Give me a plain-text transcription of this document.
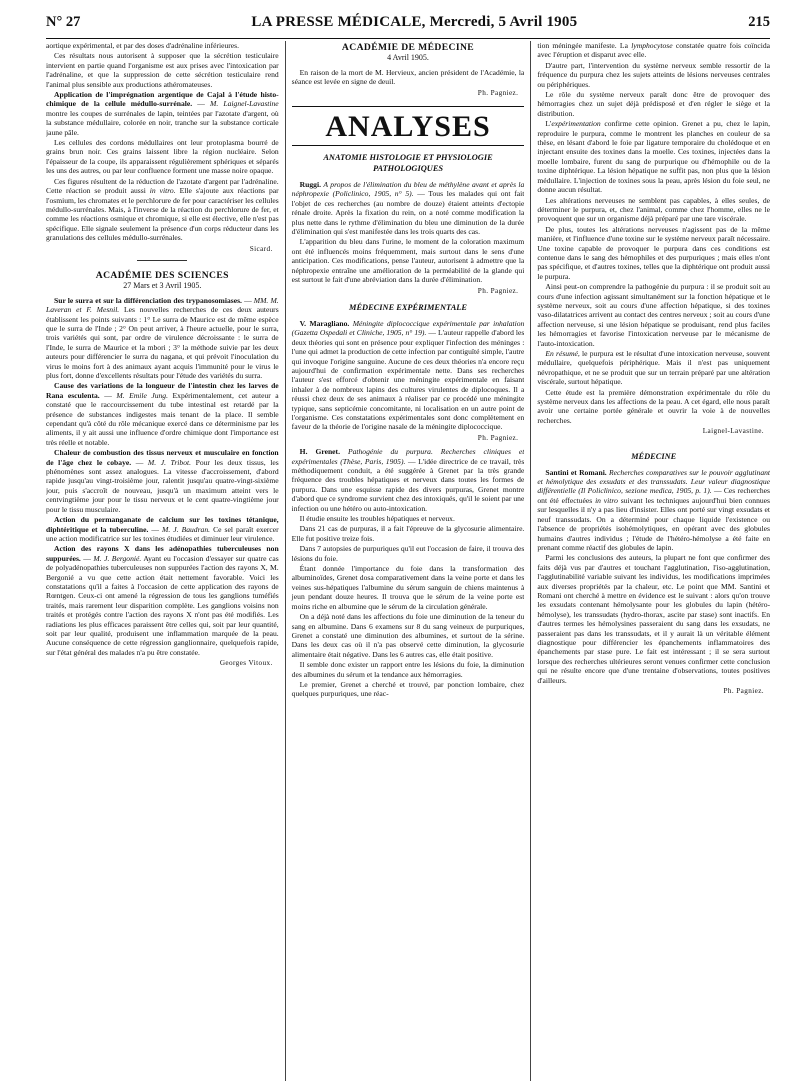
N° 27	LA PRESSE MÉDICALE, Mercredi, 5 Avril 1905	215

aortique expérimental, et par des doses d'adrénaline inférieures.

Ces résultats nous autorisent à supposer que la sécrétion testiculaire intervient en partie quand l'organisme est aux prises avec l'intoxication par l'adrénaline, et que la suppression de cette sécrétion testiculaire rend l'animal plus sensible aux productions athéromateuses.

Application de l'imprégnation argentique de Cajal à l'étude histo-chimique de la cellule médullo-surrénale. — M. Laignel-Lavastine montre les coupes de surrénales de lapin, teintées par l'azotate d'argent, où la substance médullaire, colorée en noir, tranche sur la substance corticale jaune pâle.

Les cellules des cordons médullaires ont leur protoplasma bourré de grains brun noir. Ces grains laissent libre la région nucléaire. Selon l'épaisseur de la coupe, ils apparaissent régulièrement sphériques et séparés les uns des autres, ou par leur confluence forment une masse noire opaque.

Ces figures résultent de la réduction de l'azotate d'argent par l'adrénaline. Cette réaction se produit aussi in vitro. Elle s'ajoute aux réactions par l'osmium, les chromates et le perchlorure de fer pour caractériser les cellules médullo-surrénales. Mais, à l'inverse de la réaction du perchlorure de fer, et comme les réactions osmique et chromique, si elle est élective, elle n'est pas spécifique. Elle signale seulement la présence d'un corps réducteur dans les granulations des cellules médullo-surrénales.

Sicard.
ACADÉMIE DES SCIENCES
27 Mars et 3 Avril 1905.

Sur le surra et sur la différenciation des trypanosomiases. — MM. M. Laveran et F. Mesnil. Les nouvelles recherches de ces deux auteurs établissent les points suivants : 1° Le surra de Maurice est de même espèce que le surra de l'Inde ; 2° On peut arriver, à l'heure actuelle, pour le surra, trois variétés qui sont, par ordre de virulence décroissante : le surra de l'Inde, le surra de Maurice et la mbori ; 3° la méthode suivie par les deux auteurs pour différencier le surra du nagana, et qui prévoit l'inoculation du virus le moins fort à des animaux ayant acquis l'immunité pour le virus le plus fort, donne d'excellents résultats pour l'étude des variétés du surra.

Cause des variations de la longueur de l'intestin chez les larves de Rana esculenta. — M. Emile Jung. Expérimentalement, cet auteur a constaté que le raccourcissement du tube intestinal est retardé par la présence de substances indigestes mais tenant de la place. Il semble cependant qu'à côté du rôle mécanique exercé dans ce déterminisme par les aliments, il y ait aussi une influence d'ordre chimique dont l'importance est très réelle et notable.

Chaleur de combustion des tissus nerveux et musculaire en fonction de l'âge chez le cobaye. — M. J. Tribot. Pour les deux tissus, les phénomènes sont assez analogues. La vitesse d'accroissement, d'abord rapide jusqu'au vingt-troisième jour, ralentit jusqu'au quatre-vingt-sixième jour, puis s'accroît de nouveau, jusqu'à un maximum atteint vers le centvingtième jour pour le tissu nerveux et le cent quatre-vingtième jour pour le tissu musculaire.

Action du permanganate de calcium sur les toxines tétanique, diphtéritique et la tuberculine. — M. J. Baudran. Ce sel paraît exercer une action modificatrice sur les toxines étudiées et diminuer leur virulence.

Action des rayons X dans les adénopathies tuberculeuses non suppurées. — M. J. Bergonié. Ayant eu l'occasion d'essayer sur quatre cas de polyadénopathies tuberculeuses non suppurées l'action des rayons X, M. Bergonié a vu que cette action était nettement favorable. Voici les constatations qu'il a faites à l'occasion de cette application des rayons de Rœntgen. Ceux-ci ont amené la régression de tous les ganglions tuméfiés traités, mais rarement leur disparition complète. Les ganglions voisins non traités et protégés contre l'action des rayons X n'ont pas été modifiés. Les radiations les plus efficaces paraissent être celles qui, soit par leur quantité, soit par leur qualité, produisent une inflammation marquée de la peau. Aucune conséquence de cette régression ganglionnaire, quelquefois rapide, sur l'état général des malades n'a pu être constatée.

Georges Vitoux.
ACADÉMIE DE MÉDECINE
4 Avril 1905.

En raison de la mort de M. Hervieux, ancien président de l'Académie, la séance est levée en signe de deuil.

Ph. Pagniez.
ANALYSES
ANATOMIE HISTOLOGIE ET PHYSIOLOGIE PATHOLOGIQUES

Ruggi. A propos de l'élimination du bleu de méthylène avant et après la néphropexie (Policlinico, 1905, n° 5). — Tous les malades qui ont fait l'objet de ces recherches (au nombre de douze) étaient atteints d'ectopie rénale droite. Après la fixation du rein, on a noté comme modification la plus nette dans le rythme d'élimination du bleu une diminution de la durée d'élimination qui s'est manifestée dans les trois quarts des cas.

L'apparition du bleu dans l'urine, le moment de la coloration maximum ont été influencés moins fréquemment, mais surtout dans le sens d'une anticipation. Ces modifications, pense l'auteur, autorisent à admettre que la néphropexie entraîne une amélioration de la perméabilité de la glande qui est surtout le fait d'une abréviation dans la durée d'élimination.

Ph. Pagniez.
MÉDECINE EXPÉRIMENTALE

V. Maragliano. Méningite diplococcique expérimentale par inhalation (Gazetta Ospedali et Cliniche, 1905, n° 19). — L'auteur rappelle d'abord les deux théories qui sont en présence pour expliquer l'infection des méninges : l'une qui admet la production de cette infection par contiguïté simple, l'autre qui invoque l'origine sanguine. Aucune de ces deux théories n'a encore reçu aujourd'hui de confirmation expérimentale nette. Dans ses recherches l'auteur s'est efforcé d'obtenir une méningite expérimentale en faisant inhaler à de nombreux lapins des cultures virulentes de diplocoques. Il a réussi chez deux de ses animaux à réaliser par ce procédé une méningite typique, sans septicémie concomitante, ni localisation en un autre point de l'organisme. Ces constatations expérimentales sont donc complètement en faveur de la théorie de l'origine nasale de la méningite diplococcique.

Ph. Pagniez.

H. Grenet. Pathogénie du purpura. Recherches cliniques et expérimentales (Thèse, Paris, 1905). — L'idée directrice de ce travail, très méthodiquement conduit, a été suggérée à Grenet par la très grande fréquence des troubles hépatiques et nerveux dans toutes les formes de purpura. Dans une esquisse rapide des divers purpuras, Grenet montre d'abord que ce syndrome survient chez des intoxiqués, qu'il le soient par une infection ou une hétéro ou auto-intoxication.

Il étudie ensuite les troubles hépatiques et nerveux.

Dans 21 cas de purpuras, il a fait l'épreuve de la glycosurie alimentaire. Elle fut positive treize fois.

Dans 7 autopsies de purpuriques qu'il eut l'occasion de faire, il trouva des lésions du foie.

Étant donnée l'importance du foie dans la transformation des albuminoïdes, Grenet dosa comparativement dans la veine porte et dans les veines sus-hépatiques l'albumine du sérum sanguin de chiens maintenus à jeun pendant douze heures. Il trouva que le sérum de la veine porte est moins riche en albumine que le sérum de la circulation générale.

On a déjà noté dans les affections du foie une diminution de la teneur du sang en albumine. Dans 6 examens sur 8 du sang veineux de purpuriques, Grenet a constaté une diminution des albumines, et surtout de la sérine. Dans les deux cas où il n'a pas observé cette diminution, la glycosurie alimentaire était négative. Dans les 6 autres cas, elle était positive.

Il semble donc exister un rapport entre les lésions du foie, la diminution des albumines du sérum et la tendance aux hémorragies.

Le premier, Grenet a cherché et trouvé, par ponction lombaire, chez quelques purpuriques, une réac-

tion méningée manifeste. La lymphocytose constatée quatre fois coïncida avec l'éruption et disparut avec elle.

D'autre part, l'intervention du système nerveux semble ressortir de la fréquence du purpura chez les sujets atteints de lésions nerveuses centrales ou périphériques.

Le rôle du système nerveux paraît donc être de provoquer des hémorragies chez un sujet déjà prédisposé et d'en régler le siège et la distribution.

L'expérimentation confirme cette opinion. Grenet a pu, chez le lapin, reproduire le purpura, comme le montrent les planches en couleur de sa thèse, en lésant d'abord le foie par ligature temporaire du cholédoque et en injectant ensuite des toxines dans la moelle. Ces toxines, injectées dans la moelle lombaire, furent du sang de purpurique ou d'hémophile ou de la toxine diphtérique. La lésion hépatique ne suffit pas, non plus que la lésion médullaire. L'injection de toxines sous la peau, après lésion du foie seul, ne donne aucun résultat.

Les altérations nerveuses ne semblent pas capables, à elles seules, de déterminer le purpura, et, chez l'animal, comme chez l'homme, elles ne le provoquent que sur un organisme déjà préparé par une tare viscérale.

De plus, toutes les altérations nerveuses n'agissent pas de la même manière, et l'influence d'une toxine sur le système nerveux paraît nécessaire. Une toxine capable de provoquer le purpura dans ces conditions est contenue dans le sang des hémophiles et des purpuriques ; mais elles n'ont pas spécifique, et d'autres toxines, telles que la diphtérique ont produit aussi le purpura.

Ainsi peut-on comprendre la pathogénie du purpura : il se produit soit au cours d'une infection agissant simultanément sur la fonction hépatique et le système nerveux, soit au cours d'une affection hépatique, si des toxines vaso-dilatatrices arrivent au contact des centres nerveux ; soit au cours d'une affection nerveuse, si une lésion hépatique se produisant, rend plus faciles les hémorragies et favorise l'intoxication nerveuse par le mécanisme de l'auto-intoxication.

En résumé, le purpura est le résultat d'une intoxication nerveuse, souvent médullaire, quelquefois périphérique. Mais il n'est pas uniquement névropathique, et ne se produit que sur un terrain préparé par une altération viscérale, surtout hépatique.

Cette étude est la première démonstration expérimentale du rôle du système nerveux dans les affections de la peau. A cet égard, elle nous paraît avoir une certaine portée générale et ouvrir la voie à de nouvelles recherches.

Laignel-Lavastine.
MÉDECINE

Santini et Romani. Recherches comparatives sur le pouvoir agglutinant et hémolytique des exsudats et des transsudats. Leur valeur diagnostique différentielle (Il Policlinico, sezione medica, 1905, p. 1). — Ces recherches ont été effectuées in vitro suivant les techniques aujourd'hui bien connues sur lesquelles il n'y a pas lieu d'insister. Elles ont porté sur vingt exsudats et neuf transsudats. On a déterminé pour chaque liquide l'existence ou l'absence de propriétés isohémolytiques, en opérant avec des globules humains d'autres individus ; l'étude de l'hétéro-hémolyse a été faite en prenant comme réactif des globules de lapin.

Parmi les conclusions des auteurs, la plupart ne font que confirmer des faits déjà vus par d'autres et touchant l'agglutination, l'iso-agglutination, l'agglutinabilité variable suivant les individus, les modifications imprimées aux diverses propriétés par la chaleur, etc. Le point que MM. Santini et Romani ont cherché à mettre en évidence est le suivant : alors qu'on trouve les exsudats contenant hémolysante pour les globules du lapin (hétéro-hémolyse), les transsudats (hydro-thorax, ascite par stase) sont inactifs. En d'autres termes les hémolysines passeraient du sang dans les exsudats, ne passeraient pas dans les transsudats, et il y aurait là un véritable élément diagnostique pour différencier les épanchements inflammatoires des épanchements par stase pure. Le fait est intéressant ; il se sera surtout lorsque des recherches ultérieures seront venues confirmer cette conclusion qui ne résulte encore que d'une trentaine d'observations, toutes positives d'ailleurs.

Ph. Pagniez.
